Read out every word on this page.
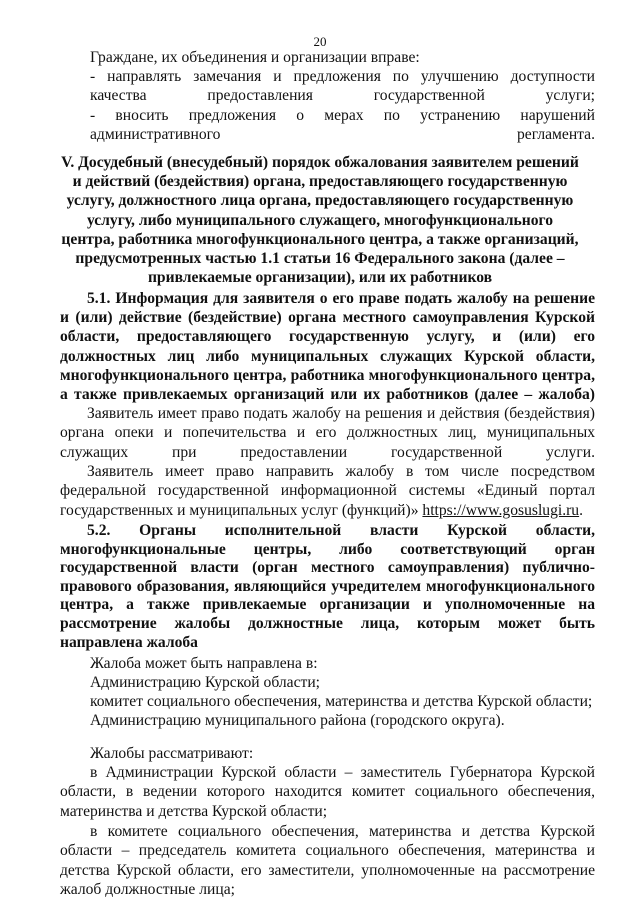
20

Граждане, их объединения и организации вправе:

- направлять замечания и предложения по улучшению доступности качества предоставления государственной услуги;

- вносить предложения о мерах по устранению нарушений административного регламента.

V. Досудебный (внесудебный) порядок обжалования заявителем решений и действий (бездействия) органа, предоставляющего государственную услугу, должностного лица органа, предоставляющего государственную услугу, либо муниципального служащего, многофункционального центра, работника многофункционального центра, а также организаций, предусмотренных частью 1.1 статьи 16 Федерального закона (далее – привлекаемые организации), или их работников

5.1. Информация для заявителя о его праве подать жалобу на решение и (или) действие (бездействие) органа местного самоуправления Курской области, предоставляющего государственную услугу, и (или) его должностных лиц либо муниципальных служащих Курской области, многофункционального центра, работника многофункционального центра, а также привлекаемых организаций или их работников (далее – жалоба)

Заявитель имеет право подать жалобу на решения и действия (бездействия) органа опеки и попечительства и его должностных лиц, муниципальных служащих при предоставлении государственной услуги.

Заявитель имеет право направить жалобу в том числе посредством федеральной государственной информационной системы «Единый портал государственных и муниципальных услуг (функций)» https://www.gosuslugi.ru.

5.2. Органы исполнительной власти Курской области, многофункциональные центры, либо соответствующий орган государственной власти (орган местного самоуправления) публично-правового образования, являющийся учредителем многофункционального центра, а также привлекаемые организации и уполномоченные на рассмотрение жалобы должностные лица, которым может быть направлена жалоба

Жалоба может быть направлена в:

Администрацию Курской области;

комитет социального обеспечения, материнства и детства Курской области;

Администрацию муниципального района (городского округа).

Жалобы рассматривают:

в Администрации Курской области – заместитель Губернатора Курской области, в ведении которого находится комитет социального обеспечения, материнства и детства Курской области;

в комитете социального обеспечения, материнства и детства Курской области – председатель комитета социального обеспечения, материнства и детства Курской области, его заместители, уполномоченные на рассмотрение жалоб должностные лица;
